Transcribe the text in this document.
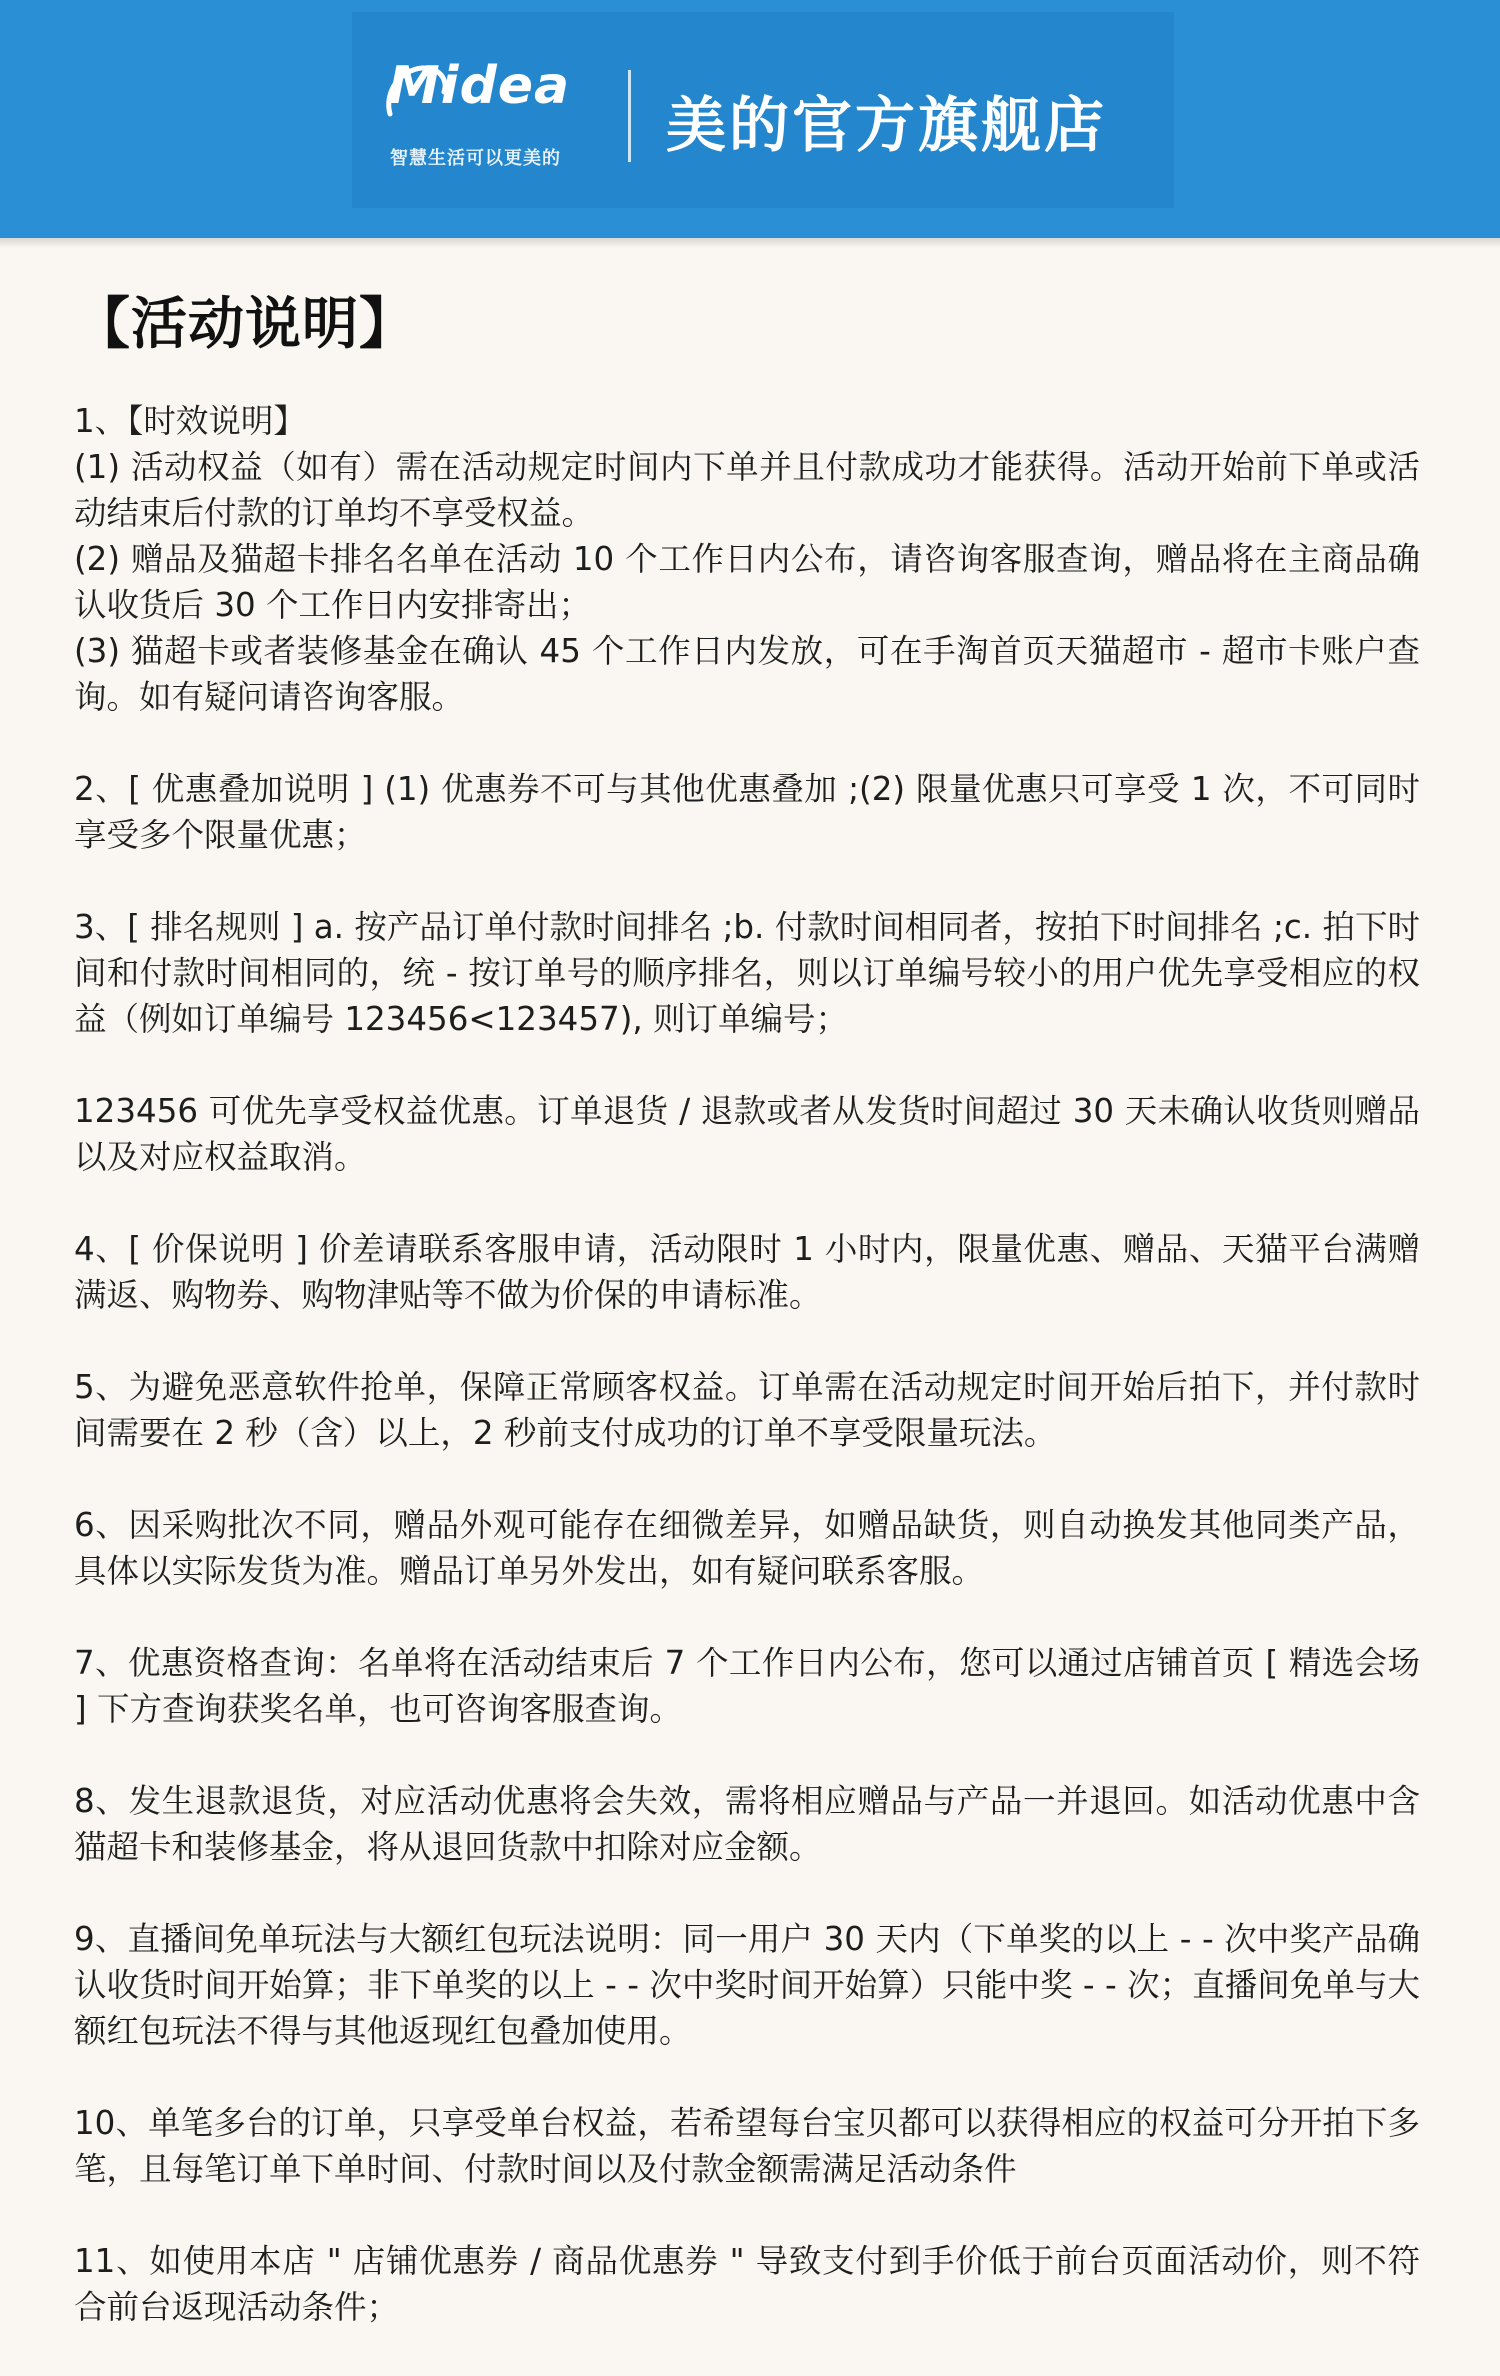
Midea
智慧生活可以更美的 美的官方旗舰店
【活动说明】

1、【时效说明】

(1) 活动权益（如有）需在活动规定时间内下单并且付款成功才能获得。活动开始前下单或活动结束后付款的订单均不享受权益。

(2) 赠品及猫超卡排名名单在活动 10 个工作日内公布，请咨询客服查询，赠品将在主商品确认收货后 30 个工作日内安排寄出；

(3) 猫超卡或者装修基金在确认 45 个工作日内发放，可在手淘首页天猫超市 - 超市卡账户查询。如有疑问请咨询客服。

2、[ 优惠叠加说明 ] (1) 优惠券不可与其他优惠叠加 ;(2) 限量优惠只可享受 1 次，不可同时享受多个限量优惠；

3、[ 排名规则 ] a. 按产品订单付款时间排名 ;b. 付款时间相同者，按拍下时间排名 ;c. 拍下时间和付款时间相同的，统 - 按订单号的顺序排名，则以订单编号较小的用户优先享受相应的权益（例如订单编号 123456<123457), 则订单编号；

123456 可优先享受权益优惠。订单退货 / 退款或者从发货时间超过 30 天未确认收货则赠品以及对应权益取消。

4、[ 价保说明 ] 价差请联系客服申请，活动限时 1 小时内，限量优惠、赠品、天猫平台满赠满返、购物券、购物津贴等不做为价保的申请标准。

5、为避免恶意软件抢单，保障正常顾客权益。订单需在活动规定时间开始后拍下，并付款时间需要在 2 秒（含）以上，2 秒前支付成功的订单不享受限量玩法。

6、因采购批次不同，赠品外观可能存在细微差异，如赠品缺货，则自动换发其他同类产品，具体以实际发货为准。赠品订单另外发出，如有疑问联系客服。

7、优惠资格查询：名单将在活动结束后 7 个工作日内公布，您可以通过店铺首页 [ 精选会场 ] 下方查询获奖名单，也可咨询客服查询。

8、发生退款退货，对应活动优惠将会失效，需将相应赠品与产品一并退回。如活动优惠中含猫超卡和装修基金，将从退回货款中扣除对应金额。

9、直播间免单玩法与大额红包玩法说明：同一用户 30 天内（下单奖的以上 - - 次中奖产品确认收货时间开始算；非下单奖的以上 - - 次中奖时间开始算）只能中奖 - - 次；直播间免单与大额红包玩法不得与其他返现红包叠加使用。

10、单笔多台的订单，只享受单台权益，若希望每台宝贝都可以获得相应的权益可分开拍下多笔，且每笔订单下单时间、付款时间以及付款金额需满足活动条件

11、如使用本店 " 店铺优惠券 / 商品优惠券 " 导致支付到手价低于前台页面活动价，则不符合前台返现活动条件；
